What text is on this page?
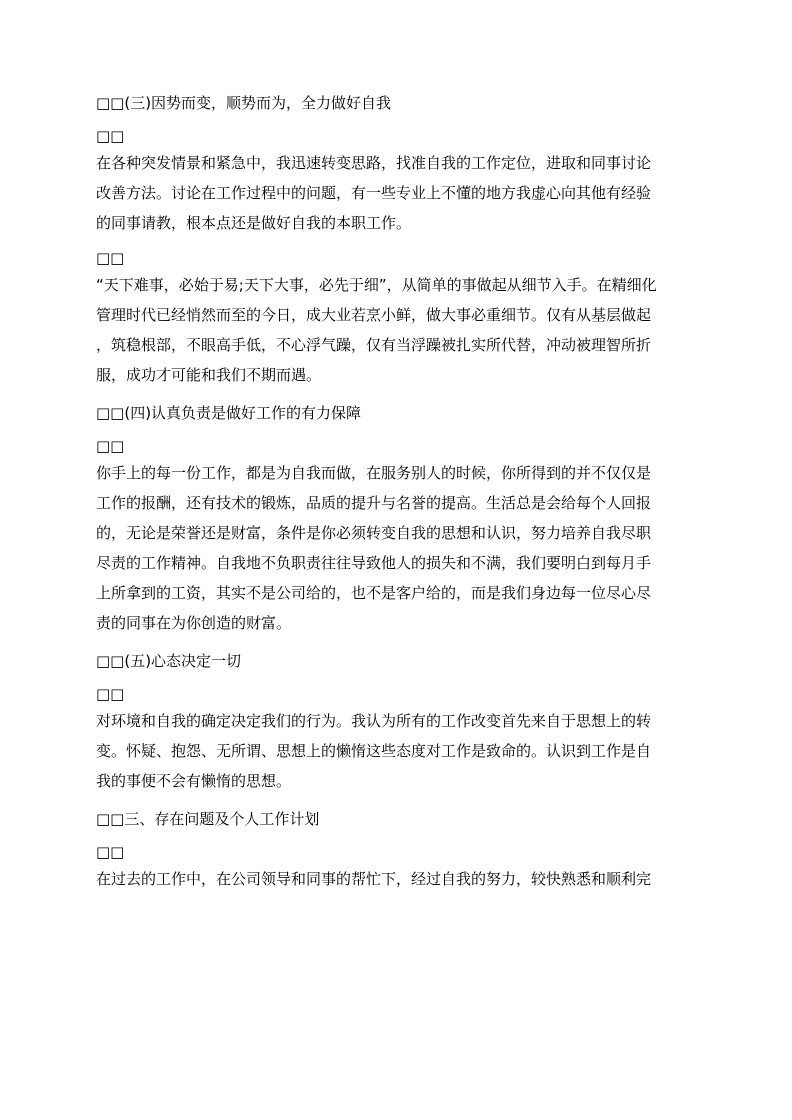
□□(三)因势而变，顺势而为，全力做好自我
□□
在各种突发情景和紧急中，我迅速转变思路，找准自我的工作定位，进取和同事讨论
改善方法。讨论在工作过程中的问题，有一些专业上不懂的地方我虚心向其他有经验
的同事请教，根本点还是做好自我的本职工作。
□□
“天下难事，必始于易;天下大事，必先于细”，从简单的事做起从细节入手。在精细化
管理时代已经悄然而至的今日，成大业若烹小鲜，做大事必重细节。仅有从基层做起
，筑稳根部，不眼高手低，不心浮气躁，仅有当浮躁被扎实所代替，冲动被理智所折
服，成功才可能和我们不期而遇。
□□(四)认真负责是做好工作的有力保障
□□
你手上的每一份工作，都是为自我而做，在服务别人的时候，你所得到的并不仅仅是
工作的报酬，还有技术的锻炼，品质的提升与名誉的提高。生活总是会给每个人回报
的，无论是荣誉还是财富，条件是你必须转变自我的思想和认识，努力培养自我尽职
尽责的工作精神。自我地不负职责往往导致他人的损失和不满，我们要明白到每月手
上所拿到的工资，其实不是公司给的，也不是客户给的，而是我们身边每一位尽心尽
责的同事在为你创造的财富。
□□(五)心态决定一切
□□
对环境和自我的确定决定我们的行为。我认为所有的工作改变首先来自于思想上的转
变。怀疑、抱怨、无所谓、思想上的懒惰这些态度对工作是致命的。认识到工作是自
我的事便不会有懒惰的思想。
□□三、存在问题及个人工作计划
□□
在过去的工作中，在公司领导和同事的帮忙下，经过自我的努力，较快熟悉和顺利完
